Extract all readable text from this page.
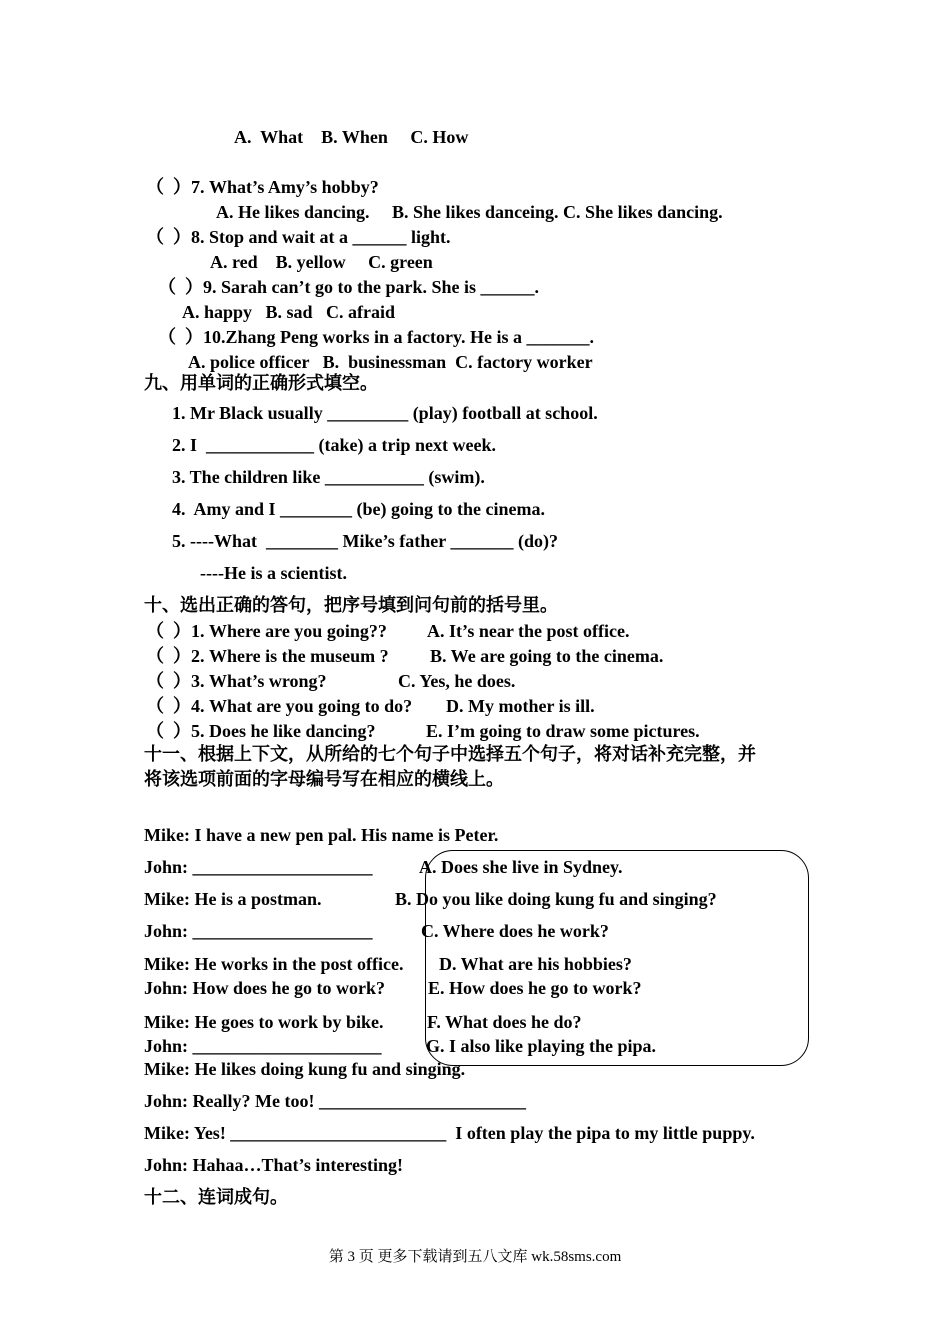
A.  What    B. When     C. How
（  ）7. What’s Amy’s hobby?
A. He likes dancing.     B. She likes danceing. C. She likes dancing.
（  ）8. Stop and wait at a ______ light.
A. red    B. yellow     C. green
（  ）9. Sarah can’t go to the park. She is ______.
A. happy   B. sad   C. afraid
（  ）10.Zhang Peng works in a factory. He is a _______.
A. police officer   B.  businessman  C. factory worker
九、用单词的正确形式填空。
1. Mr Black usually _________ (play) football at school.
2. I  ____________ (take) a trip next week.
3. The children like ___________ (swim).
4.  Amy and I ________ (be) going to the cinema.
5. ----What  ________ Mike’s father _______ (do)?
----He is a scientist.
十、选出正确的答句，把序号填到问句前的括号里。
（  ）1. Where are you going?? A. It’s near the post office.
（  ）2. Where is the museum ? B. We are going to the cinema.
（  ）3. What’s wrong?	C. Yes, he does.
（  ）4. What are you going to do? D. My mother is ill.
（  ）5. Does he like dancing?	E. I’m going to draw some pictures.
十一、根据上下文，从所给的七个句子中选择五个句子，将对话补充完整，并
将该选项前面的字母编号写在相应的横线上。
Mike: I have a new pen pal. His name is Peter.
John: ____________________
Mike: He is a postman.
John: ____________________
Mike: He works in the post office.
John: How does he go to work?
Mike: He goes to work by bike.
John: _____________________
Mike: He likes doing kung fu and singing.
John: Really? Me too! _______________________
Mike: Yes! ________________________  I often play the pipa to my little puppy.
John: Hahaa…That’s interesting!
A. Does she live in Sydney.
B. Do you like doing kung fu and singing?
C. Where does he work?
D. What are his hobbies?
E. How does he go to work?
F. What does he do?
G. I also like playing the pipa.
十二、连词成句。
第 3 页 更多下载请到五八文库 wk.58sms.com
